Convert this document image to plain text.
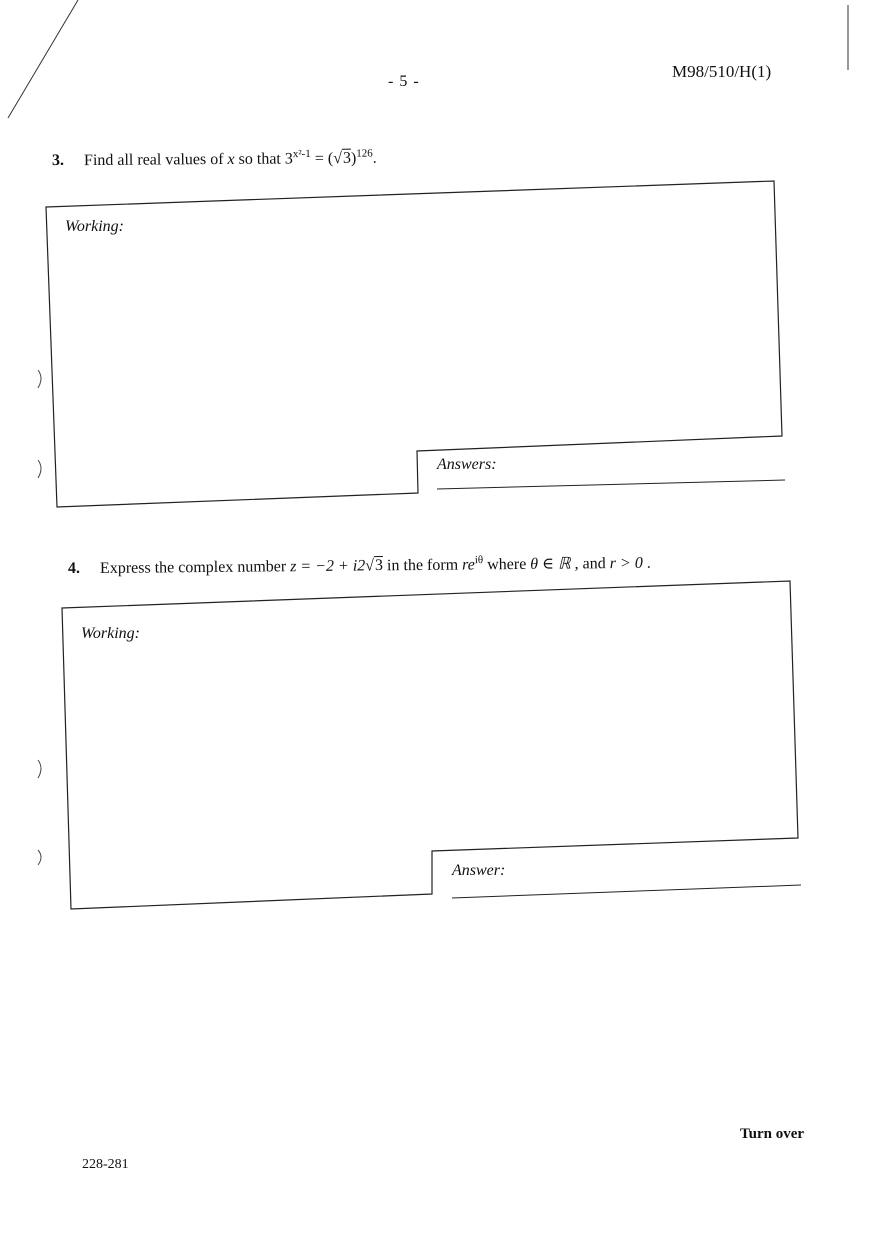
- 5 -
M98/510/H(1)
3. Find all real values of x so that $3^{x^2-1} = (√3)^{126}$.
Working:
Answers:
4. Express the complex number z = −2 + i2√3 in the form $re^{i\theta}$ where θ ∈ ℝ , and r > 0 .
Working:
Answer:
Turn over
228-281
